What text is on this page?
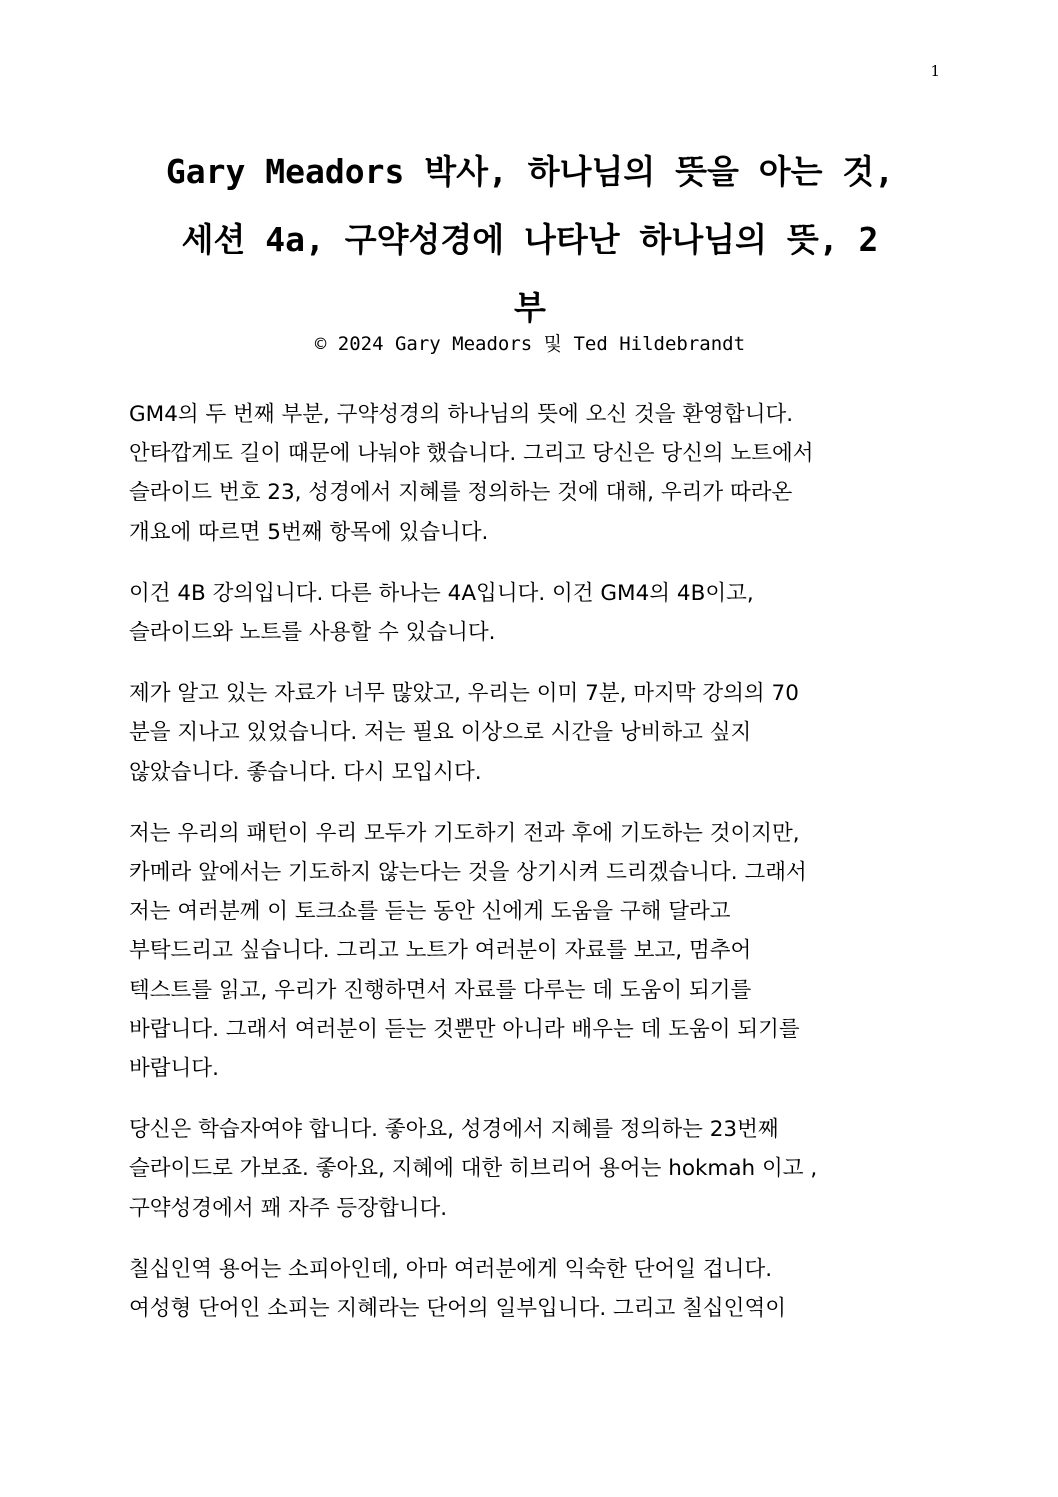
1
Gary Meadors 박사, 하나님의 뜻을 아는 것,
세션 4a, 구약성경에 나타난 하나님의 뜻, 2
부
© 2024 Gary Meadors 및 Ted Hildebrandt

GM4의 두 번째 부분, 구약성경의 하나님의 뜻에 오신 것을 환영합니다.
안타깝게도 길이 때문에 나눠야 했습니다. 그리고 당신은 당신의 노트에서
슬라이드 번호 23, 성경에서 지혜를 정의하는 것에 대해, 우리가 따라온
개요에 따르면 5번째 항목에 있습니다.

이건 4B 강의입니다. 다른 하나는 4A입니다. 이건 GM4의 4B이고,
슬라이드와 노트를 사용할 수 있습니다.

제가 알고 있는 자료가 너무 많았고, 우리는 이미 7분, 마지막 강의의 70
분을 지나고 있었습니다. 저는 필요 이상으로 시간을 낭비하고 싶지
않았습니다. 좋습니다. 다시 모입시다.

저는 우리의 패턴이 우리 모두가 기도하기 전과 후에 기도하는 것이지만,
카메라 앞에서는 기도하지 않는다는 것을 상기시켜 드리겠습니다. 그래서
저는 여러분께 이 토크쇼를 듣는 동안 신에게 도움을 구해 달라고
부탁드리고 싶습니다. 그리고 노트가 여러분이 자료를 보고, 멈추어
텍스트를 읽고, 우리가 진행하면서 자료를 다루는 데 도움이 되기를
바랍니다. 그래서 여러분이 듣는 것뿐만 아니라 배우는 데 도움이 되기를
바랍니다.

당신은 학습자여야 합니다. 좋아요, 성경에서 지혜를 정의하는 23번째
슬라이드로 가보죠. 좋아요, 지혜에 대한 히브리어 용어는 hokmah 이고 ,
구약성경에서 꽤 자주 등장합니다.

칠십인역 용어는 소피아인데, 아마 여러분에게 익숙한 단어일 겁니다.
여성형 단어인 소피는 지혜라는 단어의 일부입니다. 그리고 칠십인역이
